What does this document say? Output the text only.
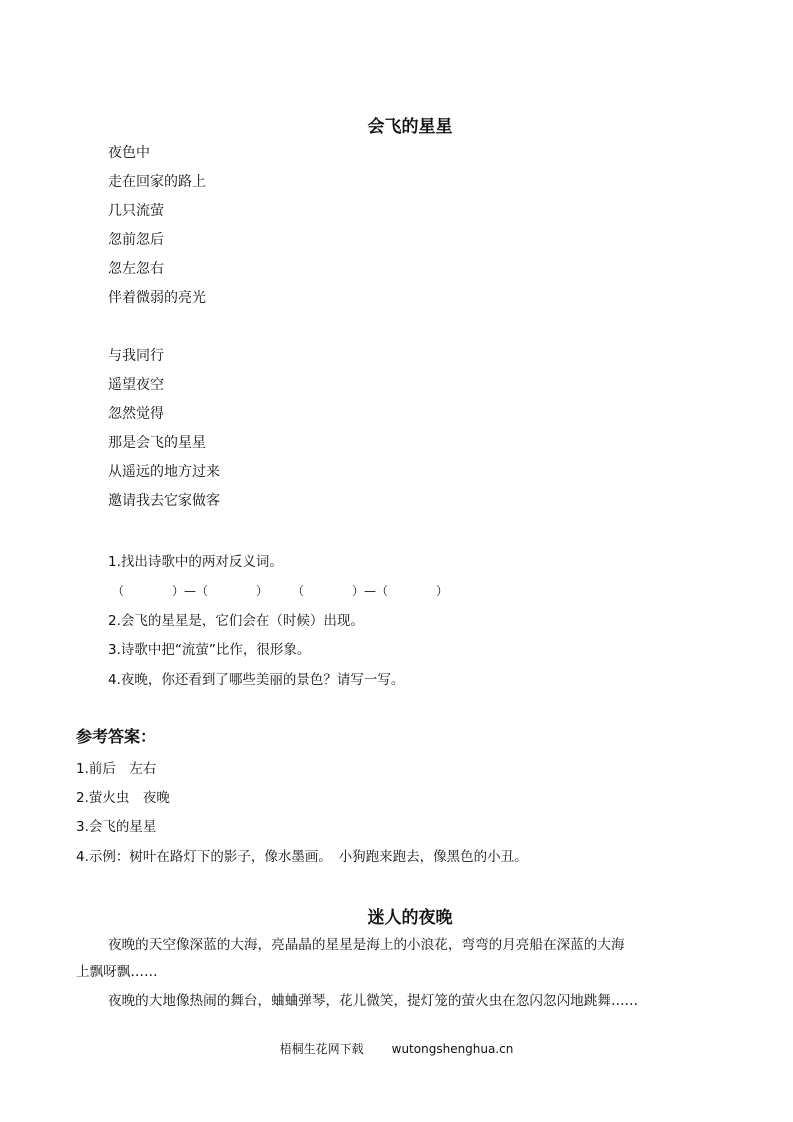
会飞的星星
夜色中
走在回家的路上
几只流萤
忽前忽后
忽左忽右
伴着微弱的亮光
与我同行
遥望夜空
忽然觉得
那是会飞的星星
从遥远的地方过来
邀请我去它家做客
1.找出诗歌中的两对反义词。
（　　　　）—（　　　　）　　　（　　　　）—（　　　　）
2.会飞的星星是，它们会在（时候）出现。
3.诗歌中把“流萤”比作，很形象。
4.夜晚，你还看到了哪些美丽的景色？请写一写。
参考答案：
1.前后　左右
2.萤火虫　夜晚
3.会飞的星星
4.示例：树叶在路灯下的影子，像水墨画。　小狗跑来跑去，像黑色的小丑。
迷人的夜晚
夜晚的天空像深蓝的大海，亮晶晶的星星是海上的小浪花，弯弯的月亮船在深蓝的大海
上飘呀飘……
夜晚的大地像热闹的舞台，蛐蛐弹琴，花儿微笑，提灯笼的萤火虫在忽闪忽闪地跳舞……
梧桐生花网下载 wutongshenghua.cn
